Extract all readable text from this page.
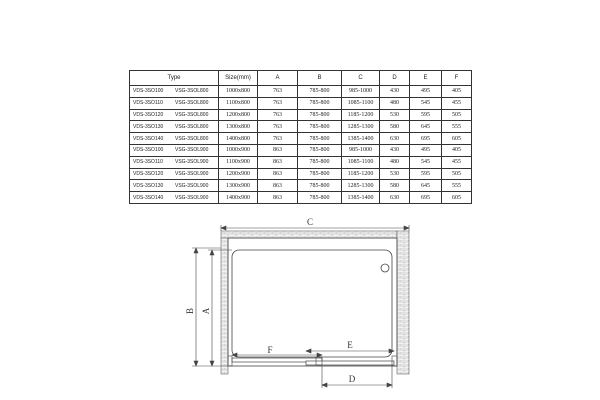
Type	Size(mm)	A	B	C	D	E	F
VDS-3SO100 VSG-3SOL800	1000x800	763	785-800	985-1000	430	495	405
VDS-3SO110 VSG-3SOL800	1100x800	763	785-800	1085-1100	480	545	455
VDS-3SO120 VSG-3SOL800	1200x800	763	785-800	1185-1200	530	595	505
VDS-3SO130 VSG-3SOL800	1300x800	763	785-800	1285-1300	580	645	555
VDS-3SO140 VSG-3SOL800	1400x800	763	785-800	1385-1400	630	695	605
VDS-3SO100 VSG-3SOL900	1000x900	863	785-800	985-1000	430	495	405
VDS-3SO110 VSG-3SOL900	1100x900	863	785-800	1085-1100	480	545	455
VDS-3SO120 VSG-3SOL900	1200x900	863	785-800	1185-1200	530	595	505
VDS-3SO130 VSG-3SOL900	1300x900	863	785-800	1285-1300	580	645	555
VDS-3SO140 VSG-3SOL900	1400x900	863	785-800	1385-1400	630	695	605
C
B A
F	E
D
